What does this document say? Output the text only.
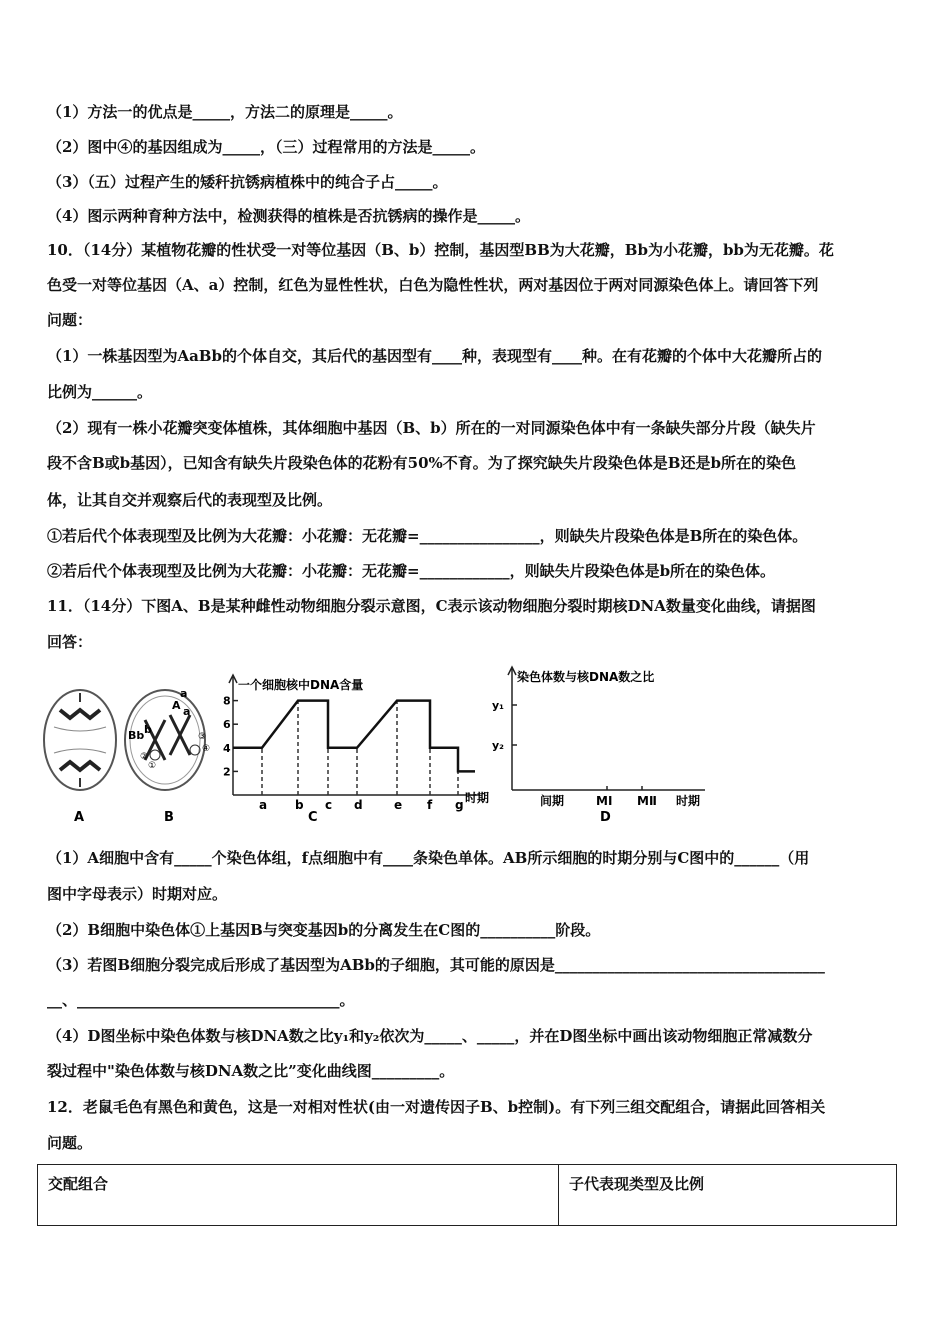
（1）方法一的优点是_____，方法二的原理是_____。
（2）图中④的基因组成为_____，（三）过程常用的方法是_____。
（3）（五）过程产生的矮秆抗锈病植株中的纯合子占_____。
（4）图示两种育种方法中，检测获得的植株是否抗锈病的操作是_____。
10．（14分）某植物花瓣的性状受一对等位基因（B、b）控制，基因型BB为大花瓣，Bb为小花瓣，bb为无花瓣。花
色受一对等位基因（A、a）控制，红色为显性性状，白色为隐性性状，两对基因位于两对同源染色体上。请回答下列
问题：
（1）一株基因型为AaBb的个体自交，其后代的基因型有____种，表现型有____种。在有花瓣的个体中大花瓣所占的
比例为______。
（2）现有一株小花瓣突变体植株，其体细胞中基因（B、b）所在的一对同源染色体中有一条缺失部分片段（缺失片
段不含B或b基因），已知含有缺失片段染色体的花粉有50%不育。为了探究缺失片段染色体是B还是b所在的染色
体，让其自交并观察后代的表现型及比例。
①若后代个体表现型及比例为大花瓣：小花瓣：无花瓣=________________，则缺失片段染色体是B所在的染色体。
②若后代个体表现型及比例为大花瓣：小花瓣：无花瓣=____________，则缺失片段染色体是b所在的染色体。
11．（14分）下图A、B是某种雌性动物细胞分裂示意图，C表示该动物细胞分裂时期核DNA数量变化曲线，请据图
回答：
A
a
A a
Bb b
①
②
③
④
B
一个细胞核中DNA含量
2
4
6
8
a b c d	e f g 时期
C
染色体数与核DNA数之比
y₁
y₂
间期	MⅠ MⅡ 时期
D
（1）A细胞中含有_____个染色体组，f点细胞中有____条染色单体。AB所示细胞的时期分别与C图中的______（用
图中字母表示）时期对应。
（2）B细胞中染色体①上基因B与突变基因b的分离发生在C图的__________阶段。
（3）若图B细胞分裂完成后形成了基因型为ABb的子细胞，其可能的原因是____________________________________
__、___________________________________。
（4）D图坐标中染色体数与核DNA数之比y₁和y₂依次为_____、_____，并在D图坐标中画出该动物细胞正常减数分
裂过程中"染色体数与核DNA数之比”变化曲线图_________。
12．老鼠毛色有黑色和黄色，这是一对相对性状(由一对遗传因子B、b控制)。有下列三组交配组合，请据此回答相关
问题。
交配组合	子代表现类型及比例
